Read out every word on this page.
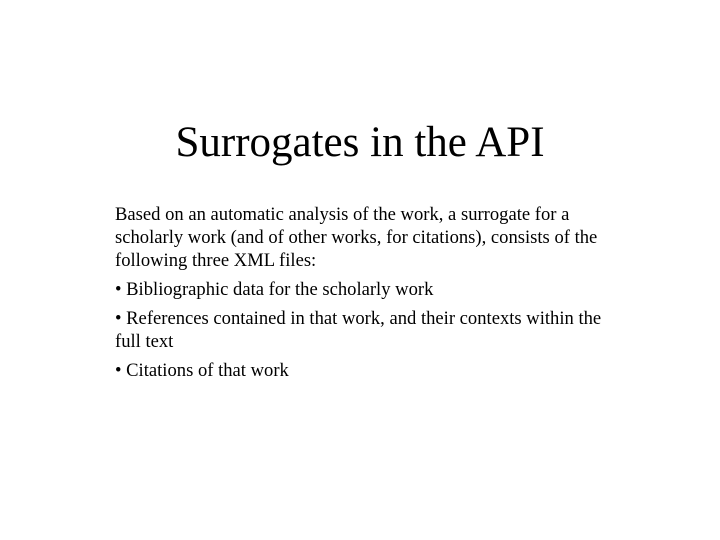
Surrogates in the API

Based on an automatic analysis of the work, a surrogate for a scholarly work (and of other works, for citations), consists of the following three XML files:

• Bibliographic data for the scholarly work

• References contained in that work, and their contexts within the full text

• Citations of that work
